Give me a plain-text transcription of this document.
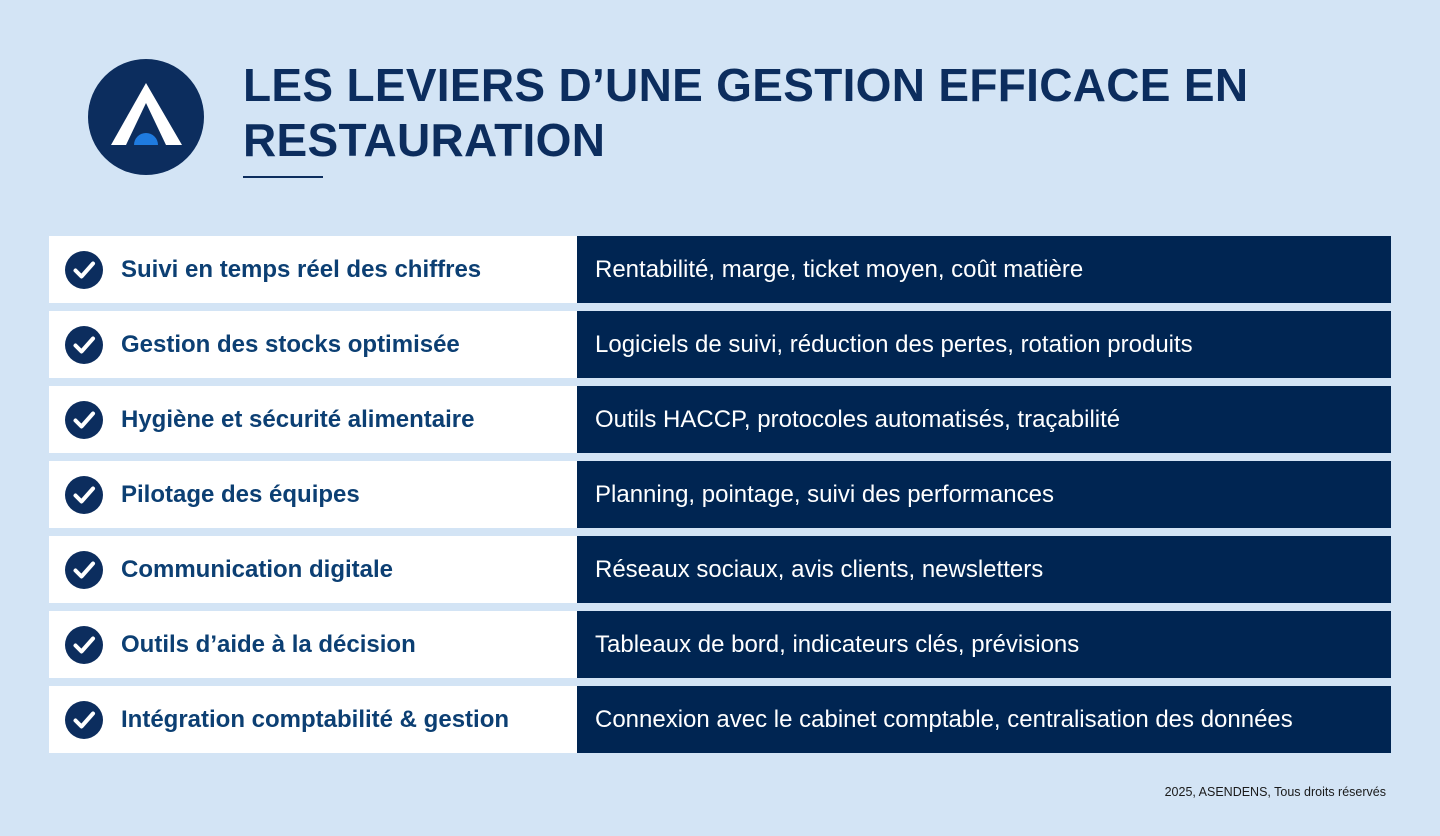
LES LEVIERS D’UNE GESTION EFFICACE EN RESTAURATION
Suivi en temps réel des chiffres	Rentabilité, marge, ticket moyen, coût matière
Gestion des stocks optimisée	Logiciels de suivi, réduction des pertes, rotation produits
Hygiène et sécurité alimentaire	Outils HACCP, protocoles automatisés, traçabilité
Pilotage des équipes	Planning, pointage, suivi des performances
Communication digitale	Réseaux sociaux, avis clients, newsletters
Outils d’aide à la décision	Tableaux de bord, indicateurs clés, prévisions
Intégration comptabilité & gestion	Connexion avec le cabinet comptable, centralisation des données
2025, ASENDENS, Tous droits réservés
